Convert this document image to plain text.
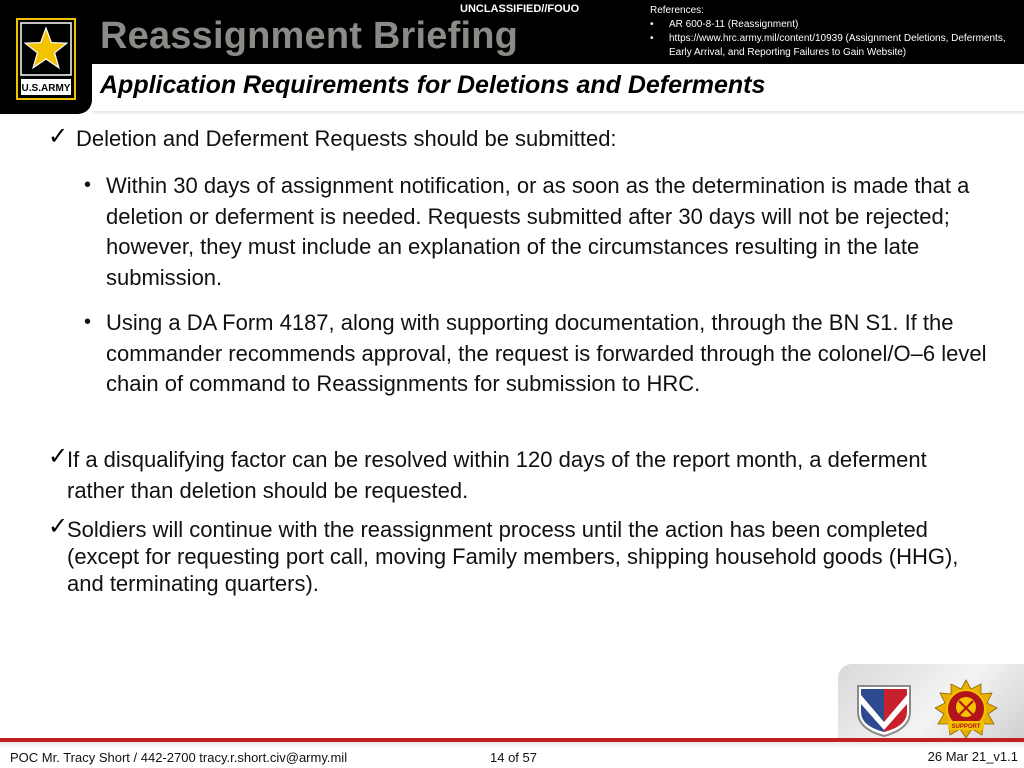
UNCLASSIFIED//FOUO	References:
• AR 600-8-11 (Reassignment)
• https://www.hrc.army.mil/content/10939 (Assignment Deletions, Deferments, Early Arrival, and Reporting Failures to Gain Website)
U.S.ARMY
Reassignment Briefing
Application Requirements for Deletions and Deferments
✓ Deletion and Deferment Requests should be submitted:
• Within 30 days of assignment notification, or as soon as the determination is made that a deletion or deferment is needed. Requests submitted after 30 days will not be rejected; however, they must include an explanation of the circumstances resulting in the late submission.
• Using a DA Form 4187, along with supporting documentation, through the BN S1. If the commander recommends approval, the request is forwarded through the colonel/O–6 level chain of command to Reassignments for submission to HRC.
✓
If a disqualifying factor can be resolved within 120 days of the report month, a deferment rather than deletion should be requested.
✓
Soldiers will continue with the reassignment process until the action has been completed (except for requesting port call, moving Family members, shipping household goods (HHG), and terminating quarters).
SUPPORT
POC Mr. Tracy Short / 442-2700 tracy.r.short.civ@army.mil	14 of 57	26 Mar 21_v1.1
